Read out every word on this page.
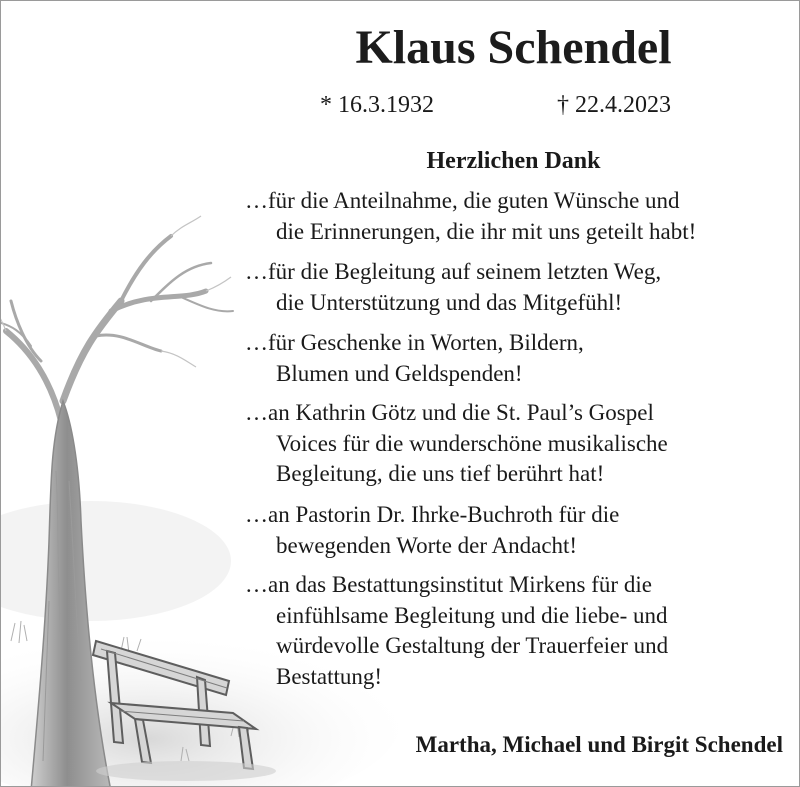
Klaus Schendel
* 16.3.1932	† 22.4.2023
Herzlichen Dank
…für die Anteilnahme, die guten Wünsche und
die Erinnerungen, die ihr mit uns geteilt habt!
…für die Begleitung auf seinem letzten Weg,
die Unterstützung und das Mitgefühl!
…für Geschenke in Worten, Bildern,
Blumen und Geldspenden!
…an Kathrin Götz und die St. Paul’s Gospel
Voices für die wunderschöne musikalische
Begleitung, die uns tief berührt hat!
…an Pastorin Dr. Ihrke-Buchroth für die
bewegenden Worte der Andacht!
…an das Bestattungsinstitut Mirkens für die
einfühlsame Begleitung und die liebe- und
würdevolle Gestaltung der Trauerfeier und
Bestattung!
Martha, Michael und Birgit Schendel
